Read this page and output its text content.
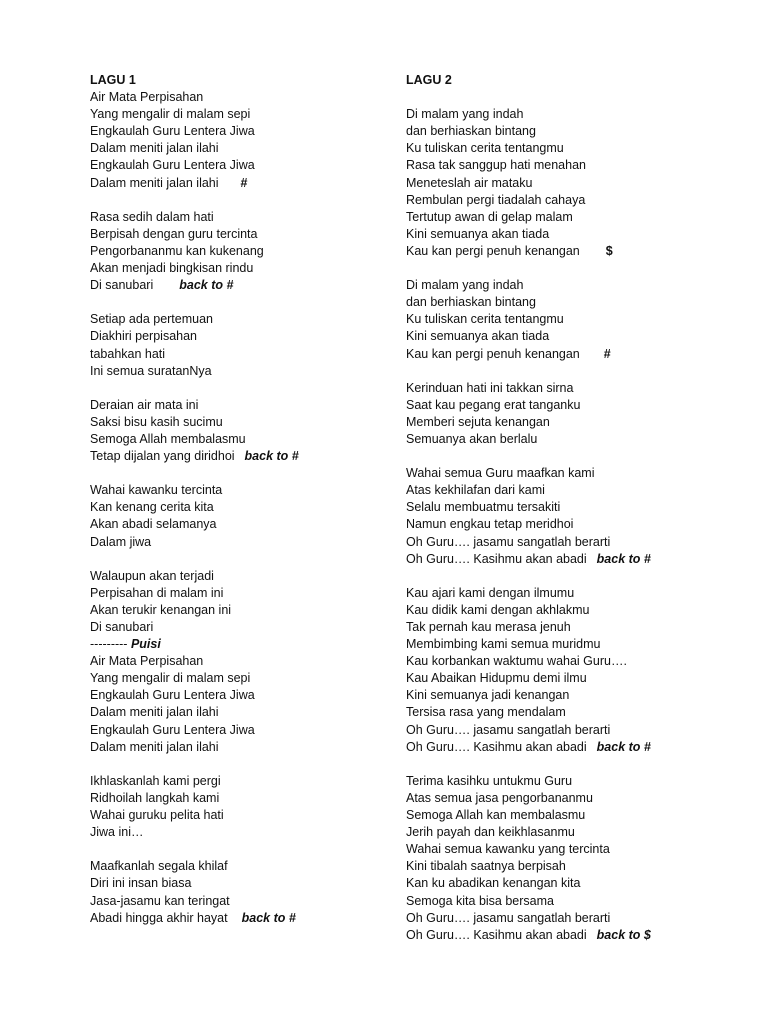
LAGU 1
Air Mata Perpisahan
Yang mengalir di malam sepi
Engkaulah Guru Lentera Jiwa
Dalam meniti jalan ilahi
Engkaulah Guru Lentera Jiwa
Dalam meniti jalan ilahi #
Rasa sedih dalam hati
Berpisah dengan guru tercinta
Pengorbananmu kan kukenang
Akan menjadi bingkisan rindu
Di sanubari back to #
Setiap ada pertemuan
Diakhiri perpisahan
tabahkan hati
Ini semua suratanNya
Deraian air mata ini
Saksi bisu kasih sucimu
Semoga Allah membalasmu
Tetap dijalan yang diridhoi back to #
Wahai kawanku tercinta
Kan kenang cerita kita
Akan abadi selamanya
Dalam jiwa
Walaupun akan terjadi
Perpisahan di malam ini
Akan terukir kenangan ini
Di sanubari
--------- Puisi
Air Mata Perpisahan
Yang mengalir di malam sepi
Engkaulah Guru Lentera Jiwa
Dalam meniti jalan ilahi
Engkaulah Guru Lentera Jiwa
Dalam meniti jalan ilahi
Ikhlaskanlah kami pergi
Ridhoilah langkah kami
Wahai guruku pelita hati
Jiwa ini…
Maafkanlah segala khilaf
Diri ini insan biasa
Jasa-jasamu kan teringat
Abadi hingga akhir hayat back to #
LAGU 2
Di malam yang indah
dan berhiaskan bintang
Ku tuliskan cerita tentangmu
Rasa tak sanggup hati menahan
Meneteslah air mataku
Rembulan pergi tiadalah cahaya
Tertutup awan di gelap malam
Kini semuanya akan tiada
Kau kan pergi penuh kenangan $
Di malam yang indah
dan berhiaskan bintang
Ku tuliskan cerita tentangmu
Kini semuanya akan tiada
Kau kan pergi penuh kenangan #
Kerinduan hati ini takkan sirna
Saat kau pegang erat tanganku
Memberi sejuta kenangan
Semuanya akan berlalu
Wahai semua Guru maafkan kami
Atas kekhilafan dari kami
Selalu membuatmu tersakiti
Namun engkau tetap meridhoi
Oh Guru…. jasamu sangatlah berarti
Oh Guru…. Kasihmu akan abadi back to #
Kau ajari kami dengan ilmumu
Kau didik kami dengan akhlakmu
Tak pernah kau merasa jenuh
Membimbing kami semua muridmu
Kau korbankan waktumu wahai Guru….
Kau Abaikan Hidupmu demi ilmu
Kini semuanya jadi kenangan
Tersisa rasa yang mendalam
Oh Guru…. jasamu sangatlah berarti
Oh Guru…. Kasihmu akan abadi back to #
Terima kasihku untukmu Guru
Atas semua jasa pengorbananmu
Semoga Allah kan membalasmu
Jerih payah dan keikhlasanmu
Wahai semua kawanku yang tercinta
Kini tibalah saatnya berpisah
Kan ku abadikan kenangan kita
Semoga kita bisa bersama
Oh Guru…. jasamu sangatlah berarti
Oh Guru…. Kasihmu akan abadi back to $
